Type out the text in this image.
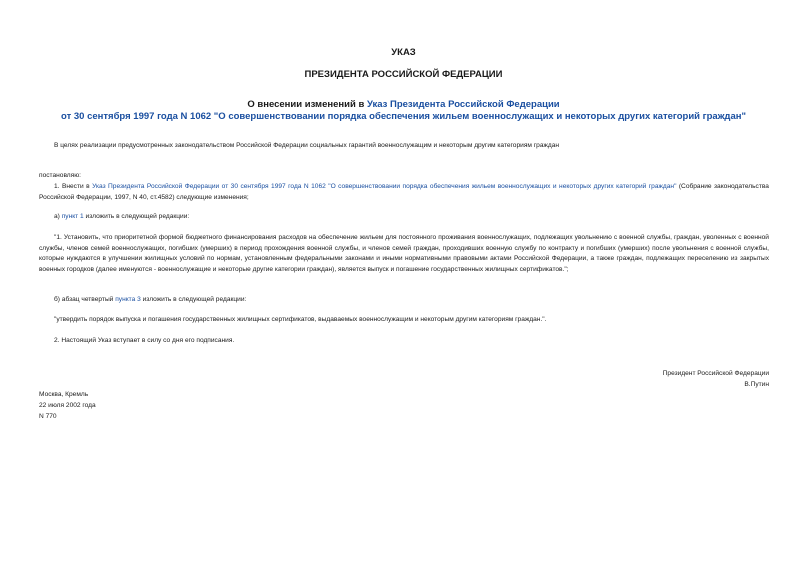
УКАЗ
ПРЕЗИДЕНТА РОССИЙСКОЙ ФЕДЕРАЦИИ
О внесении изменений в Указ Президента Российской Федерации
от 30 сентября 1997 года N 1062 "О совершенствовании порядка обеспечения жильем военнослужащих и некоторых других категорий граждан"
В целях реализации предусмотренных законодательством Российской Федерации социальных гарантий военнослужащим и некоторым другим категориям граждан
постановляю:
1. Внести в Указ Президента Российской Федерации от 30 сентября 1997 года N 1062 "О совершенствовании порядка обеспечения жильем военнослужащих и некоторых других категорий граждан" (Собрание законодательства Российской Федерации, 1997, N 40, ст.4582) следующие изменения;
а) пункт 1 изложить в следующей редакции:
"1. Установить, что приоритетной формой бюджетного финансирования расходов на обеспечение жильем для постоянного проживания военнослужащих, подлежащих увольнению с военной службы, граждан, уволенных с военной службы, членов семей военнослужащих, погибших (умерших) в период прохождения военной службы, и членов семей граждан, проходивших военную службу по контракту и погибших (умерших) после увольнения с военной службы, которые нуждаются в улучшении жилищных условий по нормам, установленным федеральными законами и иными нормативными правовыми актами Российской Федерации, а также граждан, подлежащих переселению из закрытых военных городков (далее именуются - военнослужащие и некоторые другие категории граждан), является выпуск и погашение государственных жилищных сертификатов.";
б) абзац четвертый пункта 3 изложить в следующей редакции:
"утвердить порядок выпуска и погашения государственных жилищных сертификатов, выдаваемых военнослужащим и некоторым другим категориям граждан.".
2. Настоящий Указ вступает в силу со дня его подписания.
Президент Российской Федерации
В.Путин
Москва, Кремль
22 июля 2002 года
N 770
